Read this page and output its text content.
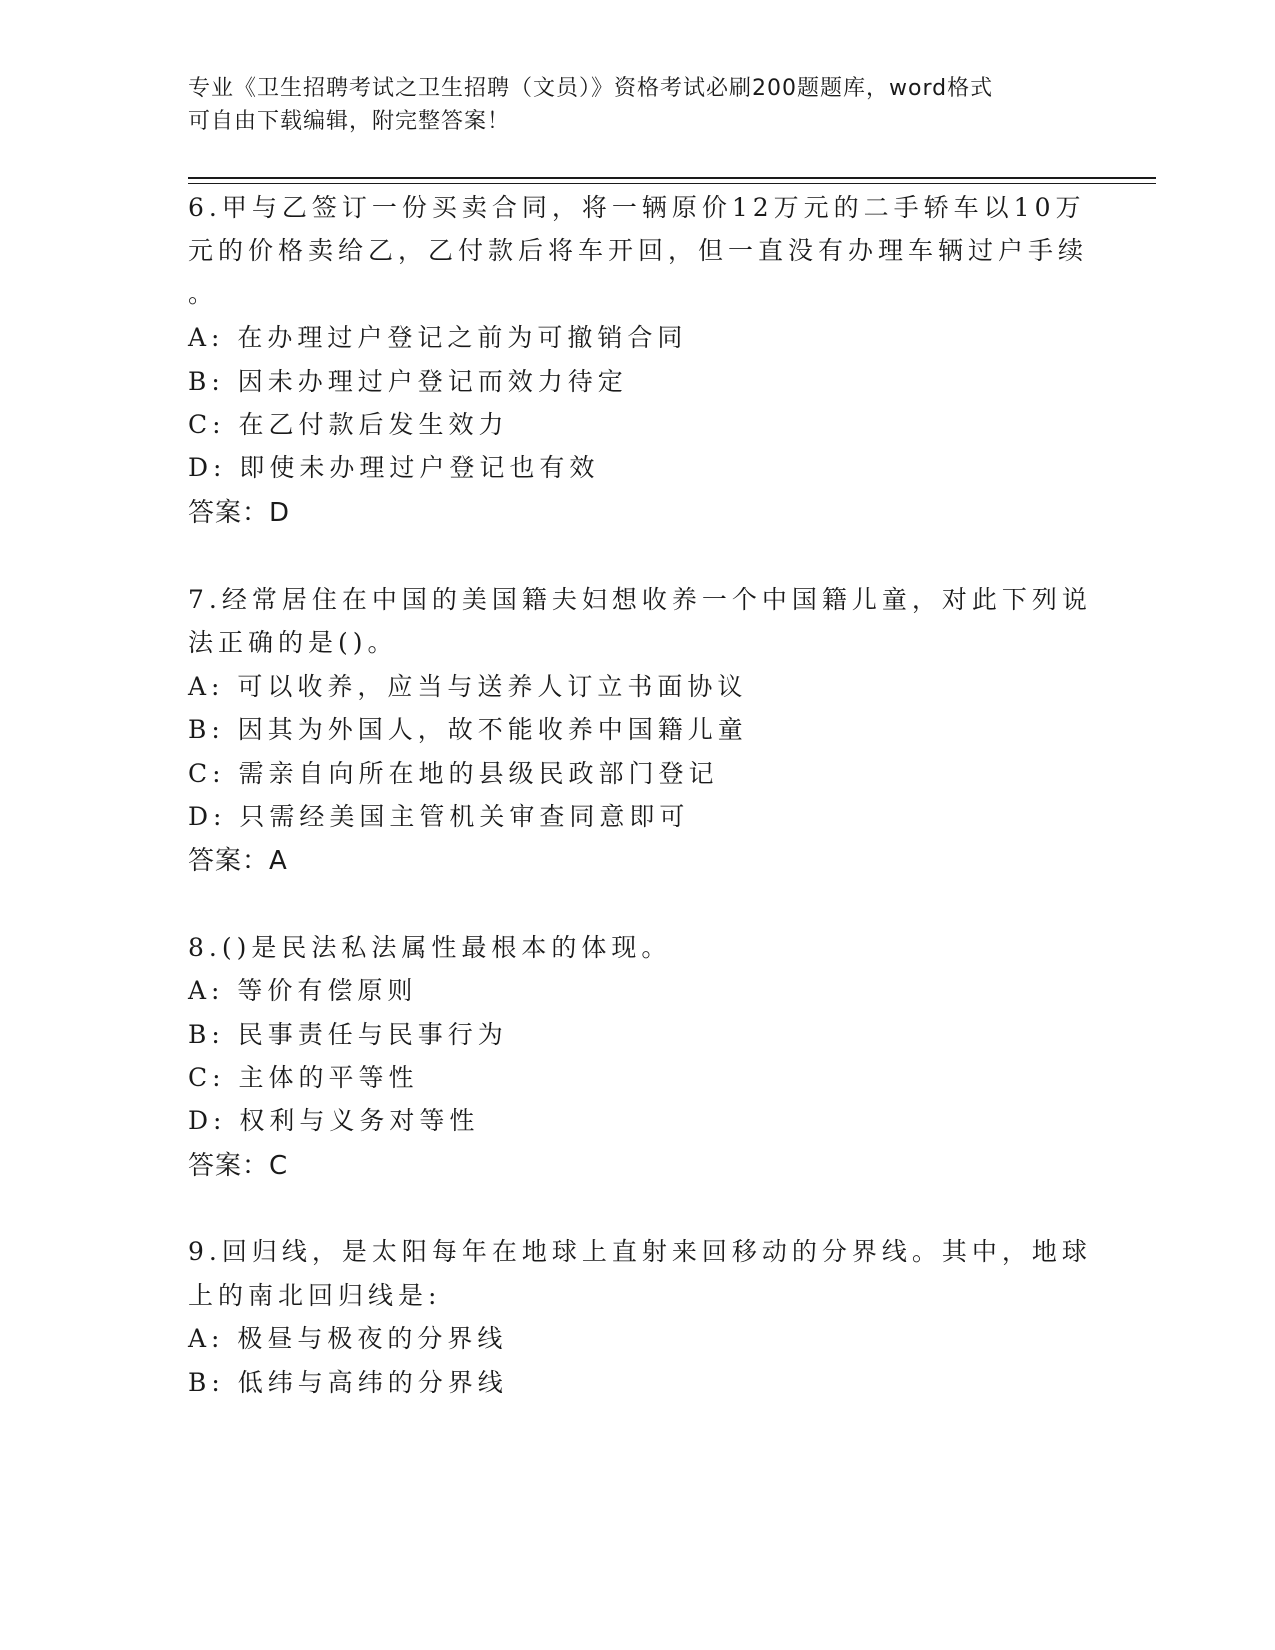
专业《卫生招聘考试之卫生招聘（文员）》资格考试必刷200题题库，word格式
可自由下载编辑，附完整答案！
6.甲与乙签订一份买卖合同，将一辆原价12万元的二手轿车以10万
元的价格卖给乙，乙付款后将车开回，但一直没有办理车辆过户手续
。
A: 在办理过户登记之前为可撤销合同
B: 因未办理过户登记而效力待定
C: 在乙付款后发生效力
D: 即使未办理过户登记也有效
答案：D
7.经常居住在中国的美国籍夫妇想收养一个中国籍儿童，对此下列说
法正确的是()。
A: 可以收养，应当与送养人订立书面协议
B: 因其为外国人，故不能收养中国籍儿童
C: 需亲自向所在地的县级民政部门登记
D: 只需经美国主管机关审查同意即可
答案：A
8.()是民法私法属性最根本的体现。
A: 等价有偿原则
B: 民事责任与民事行为
C: 主体的平等性
D: 权利与义务对等性
答案：C
9.回归线，是太阳每年在地球上直射来回移动的分界线。其中，地球
上的南北回归线是:
A: 极昼与极夜的分界线
B: 低纬与高纬的分界线
